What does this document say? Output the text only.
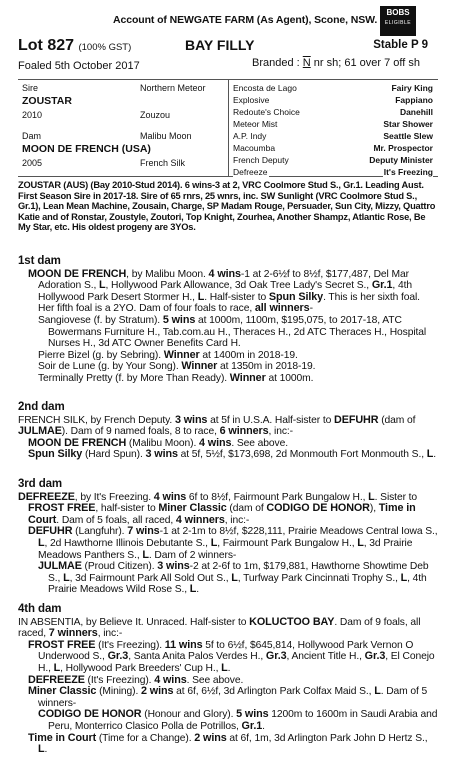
Account of NEWGATE FARM (As Agent), Scone, NSW.
BOBS
ELIGIBLE
Lot 827 (100% GST)	BAY FILLY	Stable P 9
Foaled 5th October 2017	Branded : N nr sh; 61 over 7 off sh
Sire	Northern Meteor
ZOUSTAR
2010	Zouzou
Dam	Malibu Moon
MOON DE FRENCH (USA)
2005	French Silk
Encosta de Lago	Fairy King
Explosive	Fappiano
Redoute's Choice	Danehill
Meteor Mist	Star Shower
A.P. Indy	Seattle Slew
Macoumba	Mr. Prospector
French Deputy	Deputy Minister
Defreeze	It's Freezing
ZOUSTAR (AUS) (Bay 2010-Stud 2014). 6 wins-3 at 2, VRC Coolmore Stud S., Gr.1. Leading Aust. First Season Sire in 2017-18. Sire of 65 rnrs, 25 wnrs, inc. SW Sunlight (VRC Coolmore Stud S., Gr.1), Lean Mean Machine, Zousain, Charge, SP Madam Rouge, Persuader, Sun City, Mizzy, Quattro Katie and of Ronstar, Zoustyle, Zoutori, Top Knight, Zourhea, Another Shampz, Atlantic Rose, Be My Star, etc. His oldest progeny are 3YOs.
1st dam

MOON DE FRENCH, by Malibu Moon. 4 wins-1 at 2-6½f to 8½f, $177,487, Del Mar Adoration S., L, Hollywood Park Allowance, 3d Oak Tree Lady's Secret S., Gr.1, 4th Hollywood Park Desert Stormer H., L. Half-sister to Spun Silky. This is her sixth foal. Her fifth foal is a 2YO. Dam of four foals to race, all winners-

Sangiovese (f. by Stratum). 5 wins at 1000m, 1100m, $195,075, to 2017-18, ATC Bowermans Furniture H., Tab.com.au H., Theraces H., 2d ATC Theraces H., Hospital Nurses H., 3d ATC Owner Benefits Card H.

Pierre Bizel (g. by Sebring). Winner at 1400m in 2018-19.

Soir de Lune (g. by Your Song). Winner at 1350m in 2018-19.

Terminally Pretty (f. by More Than Ready). Winner at 1000m.

2nd dam

FRENCH SILK, by French Deputy. 3 wins at 5f in U.S.A. Half-sister to DEFUHR (dam of JULMAE). Dam of 9 named foals, 8 to race, 6 winners, inc:-

MOON DE FRENCH (Malibu Moon). 4 wins. See above.

Spun Silky (Hard Spun). 3 wins at 5f, 5½f, $173,698, 2d Monmouth Fort Monmouth S., L.

3rd dam

DEFREEZE, by It's Freezing. 4 wins 6f to 8½f, Fairmount Park Bungalow H., L. Sister to FROST FREE, half-sister to Miner Classic (dam of CODIGO DE HONOR), Time in Court. Dam of 5 foals, all raced, 4 winners, inc:-

DEFUHR (Langfuhr). 7 wins-1 at 2-1m to 8½f, $228,111, Prairie Meadows Central Iowa S., L, 2d Hawthorne Illinois Debutante S., L, Fairmount Park Bungalow H., L, 3d Prairie Meadows Panthers S., L. Dam of 2 winners-

JULMAE (Proud Citizen). 3 wins-2 at 2-6f to 1m, $179,881, Hawthorne Showtime Deb S., L, 3d Fairmount Park All Sold Out S., L, Turfway Park Cincinnati Trophy S., L, 4th Prairie Meadows Wild Rose S., L.

4th dam

IN ABSENTIA, by Believe It. Unraced. Half-sister to KOLUCTOO BAY. Dam of 9 foals, all raced, 7 winners, inc:-

FROST FREE (It's Freezing). 11 wins 5f to 6½f, $645,814, Hollywood Park Vernon O Underwood S., Gr.3, Santa Anita Palos Verdes H., Gr.3, Ancient Title H., Gr.3, El Conejo H., L, Hollywood Park Breeders' Cup H., L.

DEFREEZE (It's Freezing). 4 wins. See above.

Miner Classic (Mining). 2 wins at 6f, 6½f, 3d Arlington Park Colfax Maid S., L. Dam of 5 winners-

CODIGO DE HONOR (Honour and Glory). 5 wins 1200m to 1600m in Saudi Arabia and Peru, Monterrico Clasico Polla de Potrillos, Gr.1.

Time in Court (Time for a Change). 2 wins at 6f, 1m, 3d Arlington Park John D Hertz S., L.
